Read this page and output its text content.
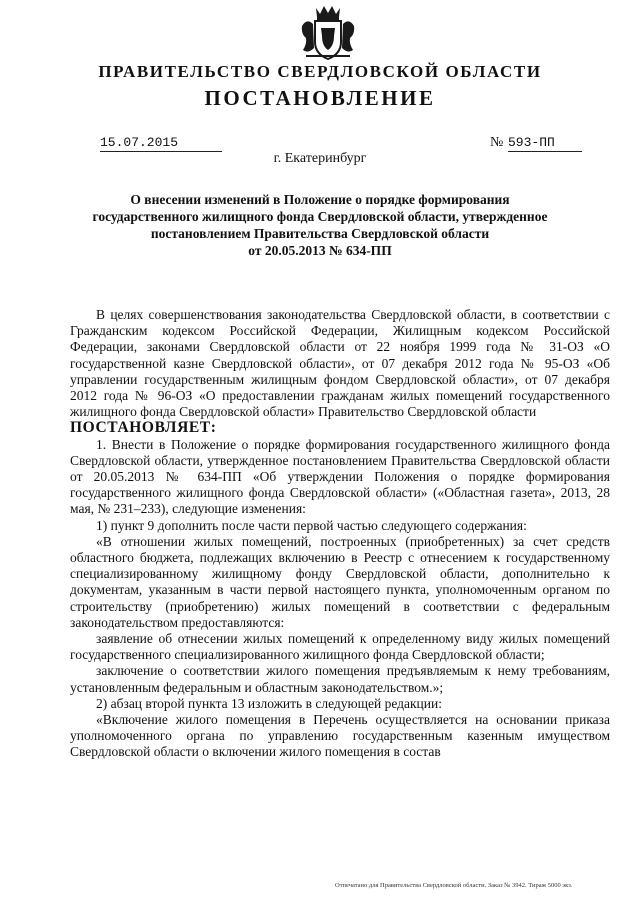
ПРАВИТЕЛЬСТВО СВЕРДЛОВСКОЙ ОБЛАСТИ
ПОСТАНОВЛЕНИЕ
15.07.2015	№ 593-ПП
г. Екатеринбург
О внесении изменений в Положение о порядке формирования
государственного жилищного фонда Свердловской области, утвержденное
постановлением Правительства Свердловской области
от 20.05.2013 № 634-ПП

В целях совершенствования законодательства Свердловской области, в соответствии с Гражданским кодексом Российской Федерации, Жилищным кодексом Российской Федерации, законами Свердловской области от 22 ноября 1999 года № 31-ОЗ «О государственной казне Свердловской области», от 07 декабря 2012 года № 95-ОЗ «Об управлении государственным жилищным фондом Свердловской области», от 07 декабря 2012 года № 96-ОЗ «О предоставлении гражданам жилых помещений государственного жилищного фонда Свердловской области» Правительство Свердловской области

ПОСТАНОВЛЯЕТ:

1. Внести в Положение о порядке формирования государственного жилищного фонда Свердловской области, утвержденное постановлением Правительства Свердловской области от 20.05.2013 № 634-ПП «Об утверждении Положения о порядке формирования государственного жилищного фонда Свердловской области» («Областная газета», 2013, 28 мая, № 231–233), следующие изменения:

1) пункт 9 дополнить после части первой частью следующего содержания:

«В отношении жилых помещений, построенных (приобретенных) за счет средств областного бюджета, подлежащих включению в Реестр с отнесением к государственному специализированному жилищному фонду Свердловской области, дополнительно к документам, указанным в части первой настоящего пункта, уполномоченным органом по строительству (приобретению) жилых помещений в соответствии с федеральным законодательством предоставляются:

заявление об отнесении жилых помещений к определенному виду жилых помещений государственного специализированного жилищного фонда Свердловской области;

заключение о соответствии жилого помещения предъявляемым к нему требованиям, установленным федеральным и областным законодательством.»;

2) абзац второй пункта 13 изложить в следующей редакции:

«Включение жилого помещения в Перечень осуществляется на основании приказа уполномоченного органа по управлению государственным казенным имуществом Свердловской области о включении жилого помещения в состав

Отпечатано для Правительства Свердловской области. Заказ № 3942. Тираж 5000 экз.
